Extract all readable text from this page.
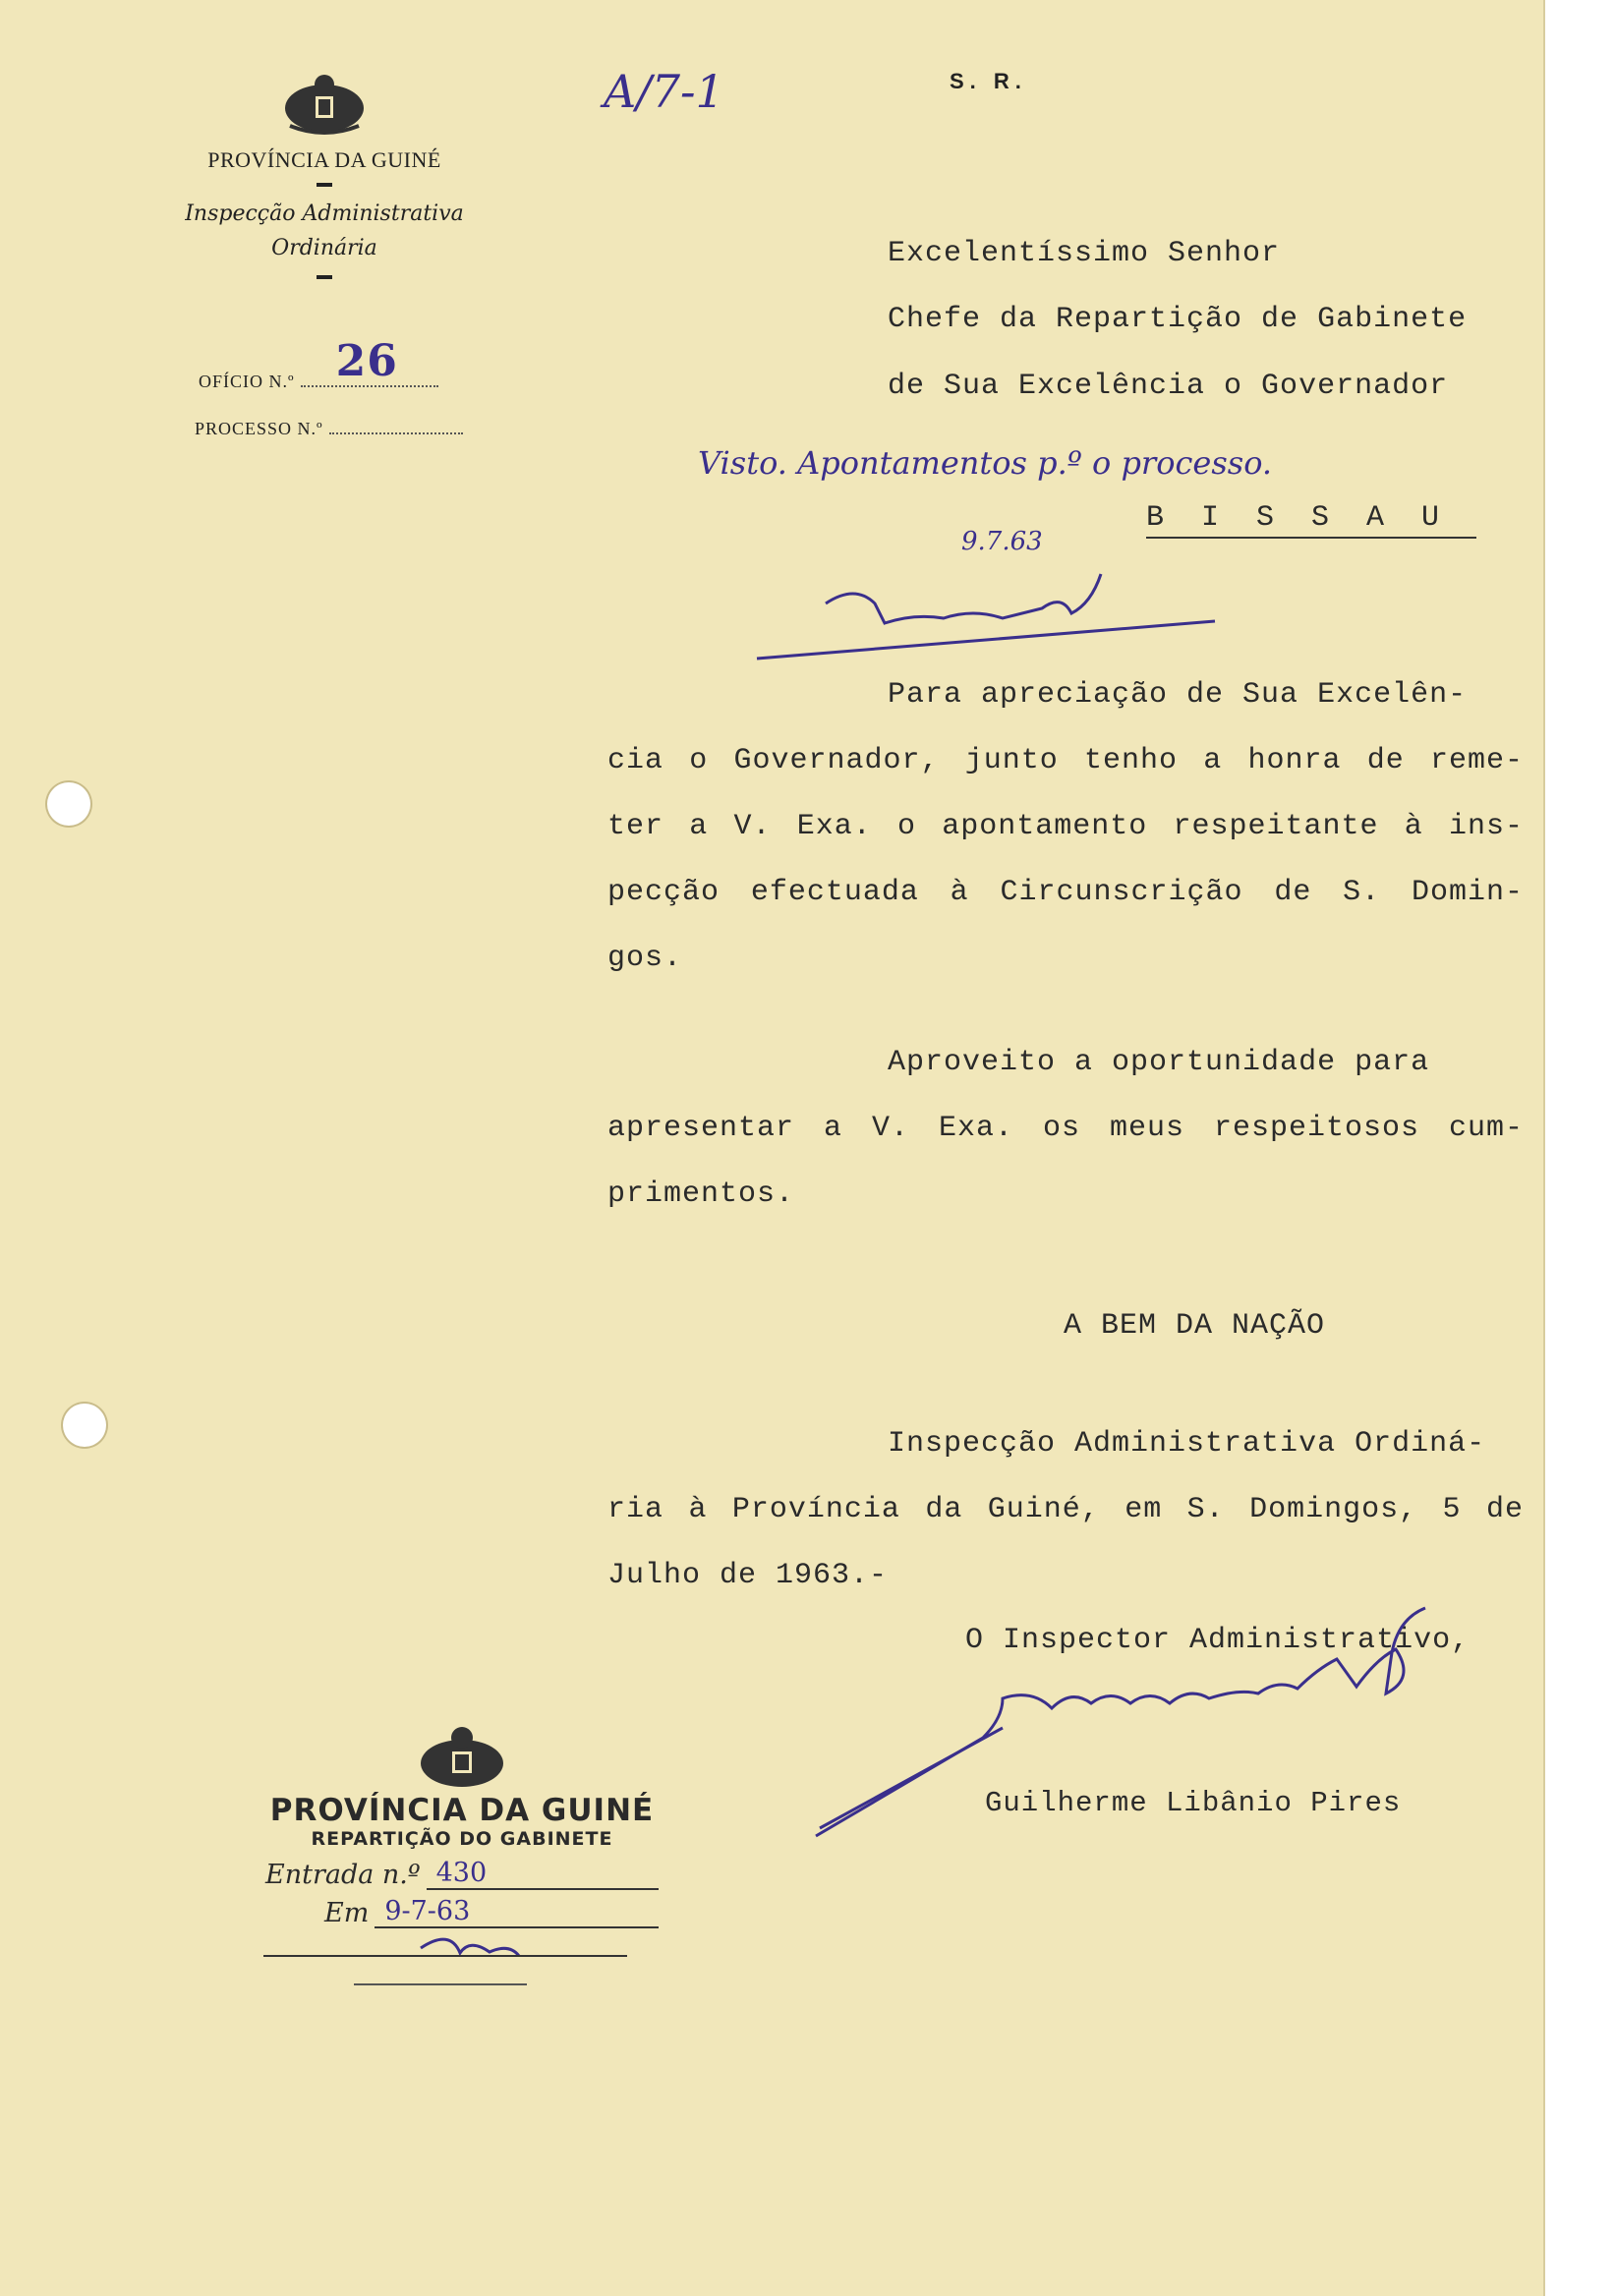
PROVÍNCIA DA GUINÉ
Inspecção Administrativa
Ordinária
OFÍCIO N.º 26
PROCESSO N.º
A/7-1	S. R.
Excelentíssimo Senhor
Chefe da Repartição de Gabinete
de Sua Excelência o Governador
Visto. Apontamentos p.º o processo.
9.7.63
BISSAU
Para apreciação de Sua Excelên-
cia o Governador, junto tenho a honra de reme- ter a V. Exa. o apontamento respeitante à ins- pecção efectuada à Circunscrição de S. Domin- gos.
Aproveito a oportunidade para
apresentar a V. Exa. os meus respeitosos cum- primentos.
A BEM DA NAÇÃO
Inspecção Administrativa Ordiná-
ria à Província da Guiné, em S. Domingos, 5 de Julho de 1963.-
O Inspector Administrativo,
Guilherme Libânio Pires
PROVÍNCIA DA GUINÉ
REPARTIÇÃO DO GABINETE
Entrada n.º 430
Em 9-7-63
